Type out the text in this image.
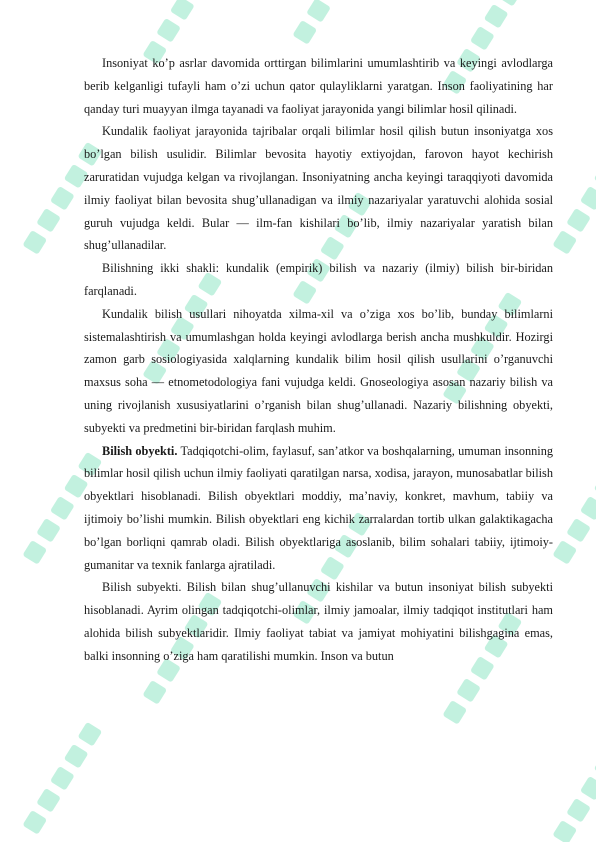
Insoniyat ko’p asrlar davomida orttirgan bilimlarini umumlashtirib va keyingi avlodlarga berib kelganligi tufayli ham o’zi uchun qator qulayliklarni yaratgan. Inson faoliyatining har qanday turi muayyan ilmga tayanadi va faoliyat jarayonida yangi bilimlar hosil qilinadi.

Kundalik faoliyat jarayonida tajribalar orqali bilimlar hosil qilish butun insoniyatga xos bo’lgan bilish usulidir. Bilimlar bevosita hayotiy extiyojdan, farovon hayot kechirish zaruratidan vujudga kelgan va rivojlangan. Insoniyatning ancha keyingi taraqqiyoti davomida ilmiy faoliyat bilan bevosita shug’ullanadigan va ilmiy nazariyalar yaratuvchi alohida sosial guruh vujudga keldi. Bular — ilm-fan kishilari bo’lib, ilmiy nazariyalar yaratish bilan shug’ullanadilar.

Bilishning ikki shakli: kundalik (empirik) bilish va nazariy (ilmiy) bilish bir-biridan farqlanadi.

Kundalik bilish usullari nihoyatda xilma-xil va o’ziga xos bo’lib, bunday bilimlarni sistemalashtirish va umumlashgan holda keyingi avlodlarga berish ancha mushkuldir. Hozirgi zamon garb sosiologiyasida xalqlarning kundalik bilim hosil qilish usullarini o’rganuvchi maxsus soha — etnometodologiya fani vujudga keldi. Gnoseologiya asosan nazariy bilish va uning rivojlanish xususiyatlarini o’rganish bilan shug’ullanadi. Nazariy bilishning obyekti, subyekti va predmetini bir-biridan farqlash muhim.

Bilish obyekti. Tadqiqotchi-olim, faylasuf, san’atkor va boshqalarning, umuman insonning bilimlar hosil qilish uchun ilmiy faoliyati qaratilgan narsa, xodisa, jarayon, munosabatlar bilish obyektlari hisoblanadi. Bilish obyektlari moddiy, ma’naviy, konkret, mavhum, tabiiy va ijtimoiy bo’lishi mumkin. Bilish obyektlari eng kichik zarralardan tortib ulkan galaktikagacha bo’lgan borliqni qamrab oladi. Bilish obyektlariga asoslanib, bilim sohalari tabiiy, ijtimoiy-gumanitar va texnik fanlarga ajratiladi.

Bilish subyekti. Bilish bilan shug’ullanuvchi kishilar va butun insoniyat bilish subyekti hisoblanadi. Ayrim olingan tadqiqotchi-olimlar, ilmiy jamoalar, ilmiy tadqiqot institutlari ham alohida bilish subyektlaridir. Ilmiy faoliyat tabiat va jamiyat mohiyatini bilishgagina emas, balki insonning o’ziga ham qaratilishi mumkin. Inson va butun
